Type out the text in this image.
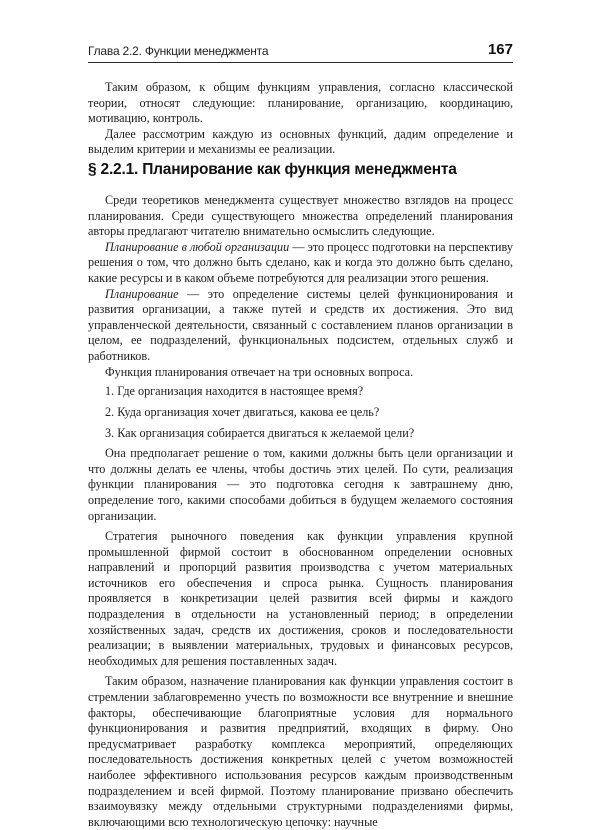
Глава 2.2. Функции менеджмента	167

Таким образом, к общим функциям управления, согласно классической теории, относят следующие: планирование, организацию, координацию, мотивацию, контроль.

Далее рассмотрим каждую из основных функций, дадим определение и выделим критерии и механизмы ее реализации.

§ 2.2.1. Планирование как функция менеджмента

Среди теоретиков менеджмента существует множество взглядов на процесс планирования. Среди существующего множества определений планирования авторы предлагают читателю внимательно осмыслить следующие.

Планирование в любой организации — это процесс подготовки на перспективу решения о том, что должно быть сделано, как и когда это должно быть сделано, какие ресурсы и в каком объеме потребуются для реализации этого решения.

Планирование — это определение системы целей функционирования и развития организации, а также путей и средств их достижения. Это вид управленческой деятельности, связанный с составлением планов организации в целом, ее подразделений, функциональных подсистем, отдельных служб и работников.

Функция планирования отвечает на три основных вопроса.

1. Где организация находится в настоящее время?
2. Куда организация хочет двигаться, какова ее цель?
3. Как организация собирается двигаться к желаемой цели?

Она предполагает решение о том, какими должны быть цели организации и что должны делать ее члены, чтобы достичь этих целей. По сути, реализация функции планирования — это подготовка сегодня к завтрашнему дню, определение того, какими способами добиться в будущем желаемого состояния организации.

Стратегия рыночного поведения как функции управления крупной промышленной фирмой состоит в обоснованном определении основных направлений и пропорций развития производства с учетом материальных источников его обеспечения и спроса рынка. Сущность планирования проявляется в конкретизации целей развития всей фирмы и каждого подразделения в отдельности на установленный период; в определении хозяйственных задач, средств их достижения, сроков и последовательности реализации; в выявлении материальных, трудовых и финансовых ресурсов, необходимых для решения поставленных задач.

Таким образом, назначение планирования как функции управления состоит в стремлении заблаговременно учесть по возможности все внутренние и внешние факторы, обеспечивающие благоприятные условия для нормального функционирования и развития предприятий, входящих в фирму. Оно предусматривает разработку комплекса мероприятий, определяющих последовательность достижения конкретных целей с учетом возможностей наиболее эффективного использования ресурсов каждым производственным подразделением и всей фирмой. Поэтому планирование призвано обеспечить взаимоувязку между отдельными структурными подразделениями фирмы, включающими всю технологическую цепочку: научные
